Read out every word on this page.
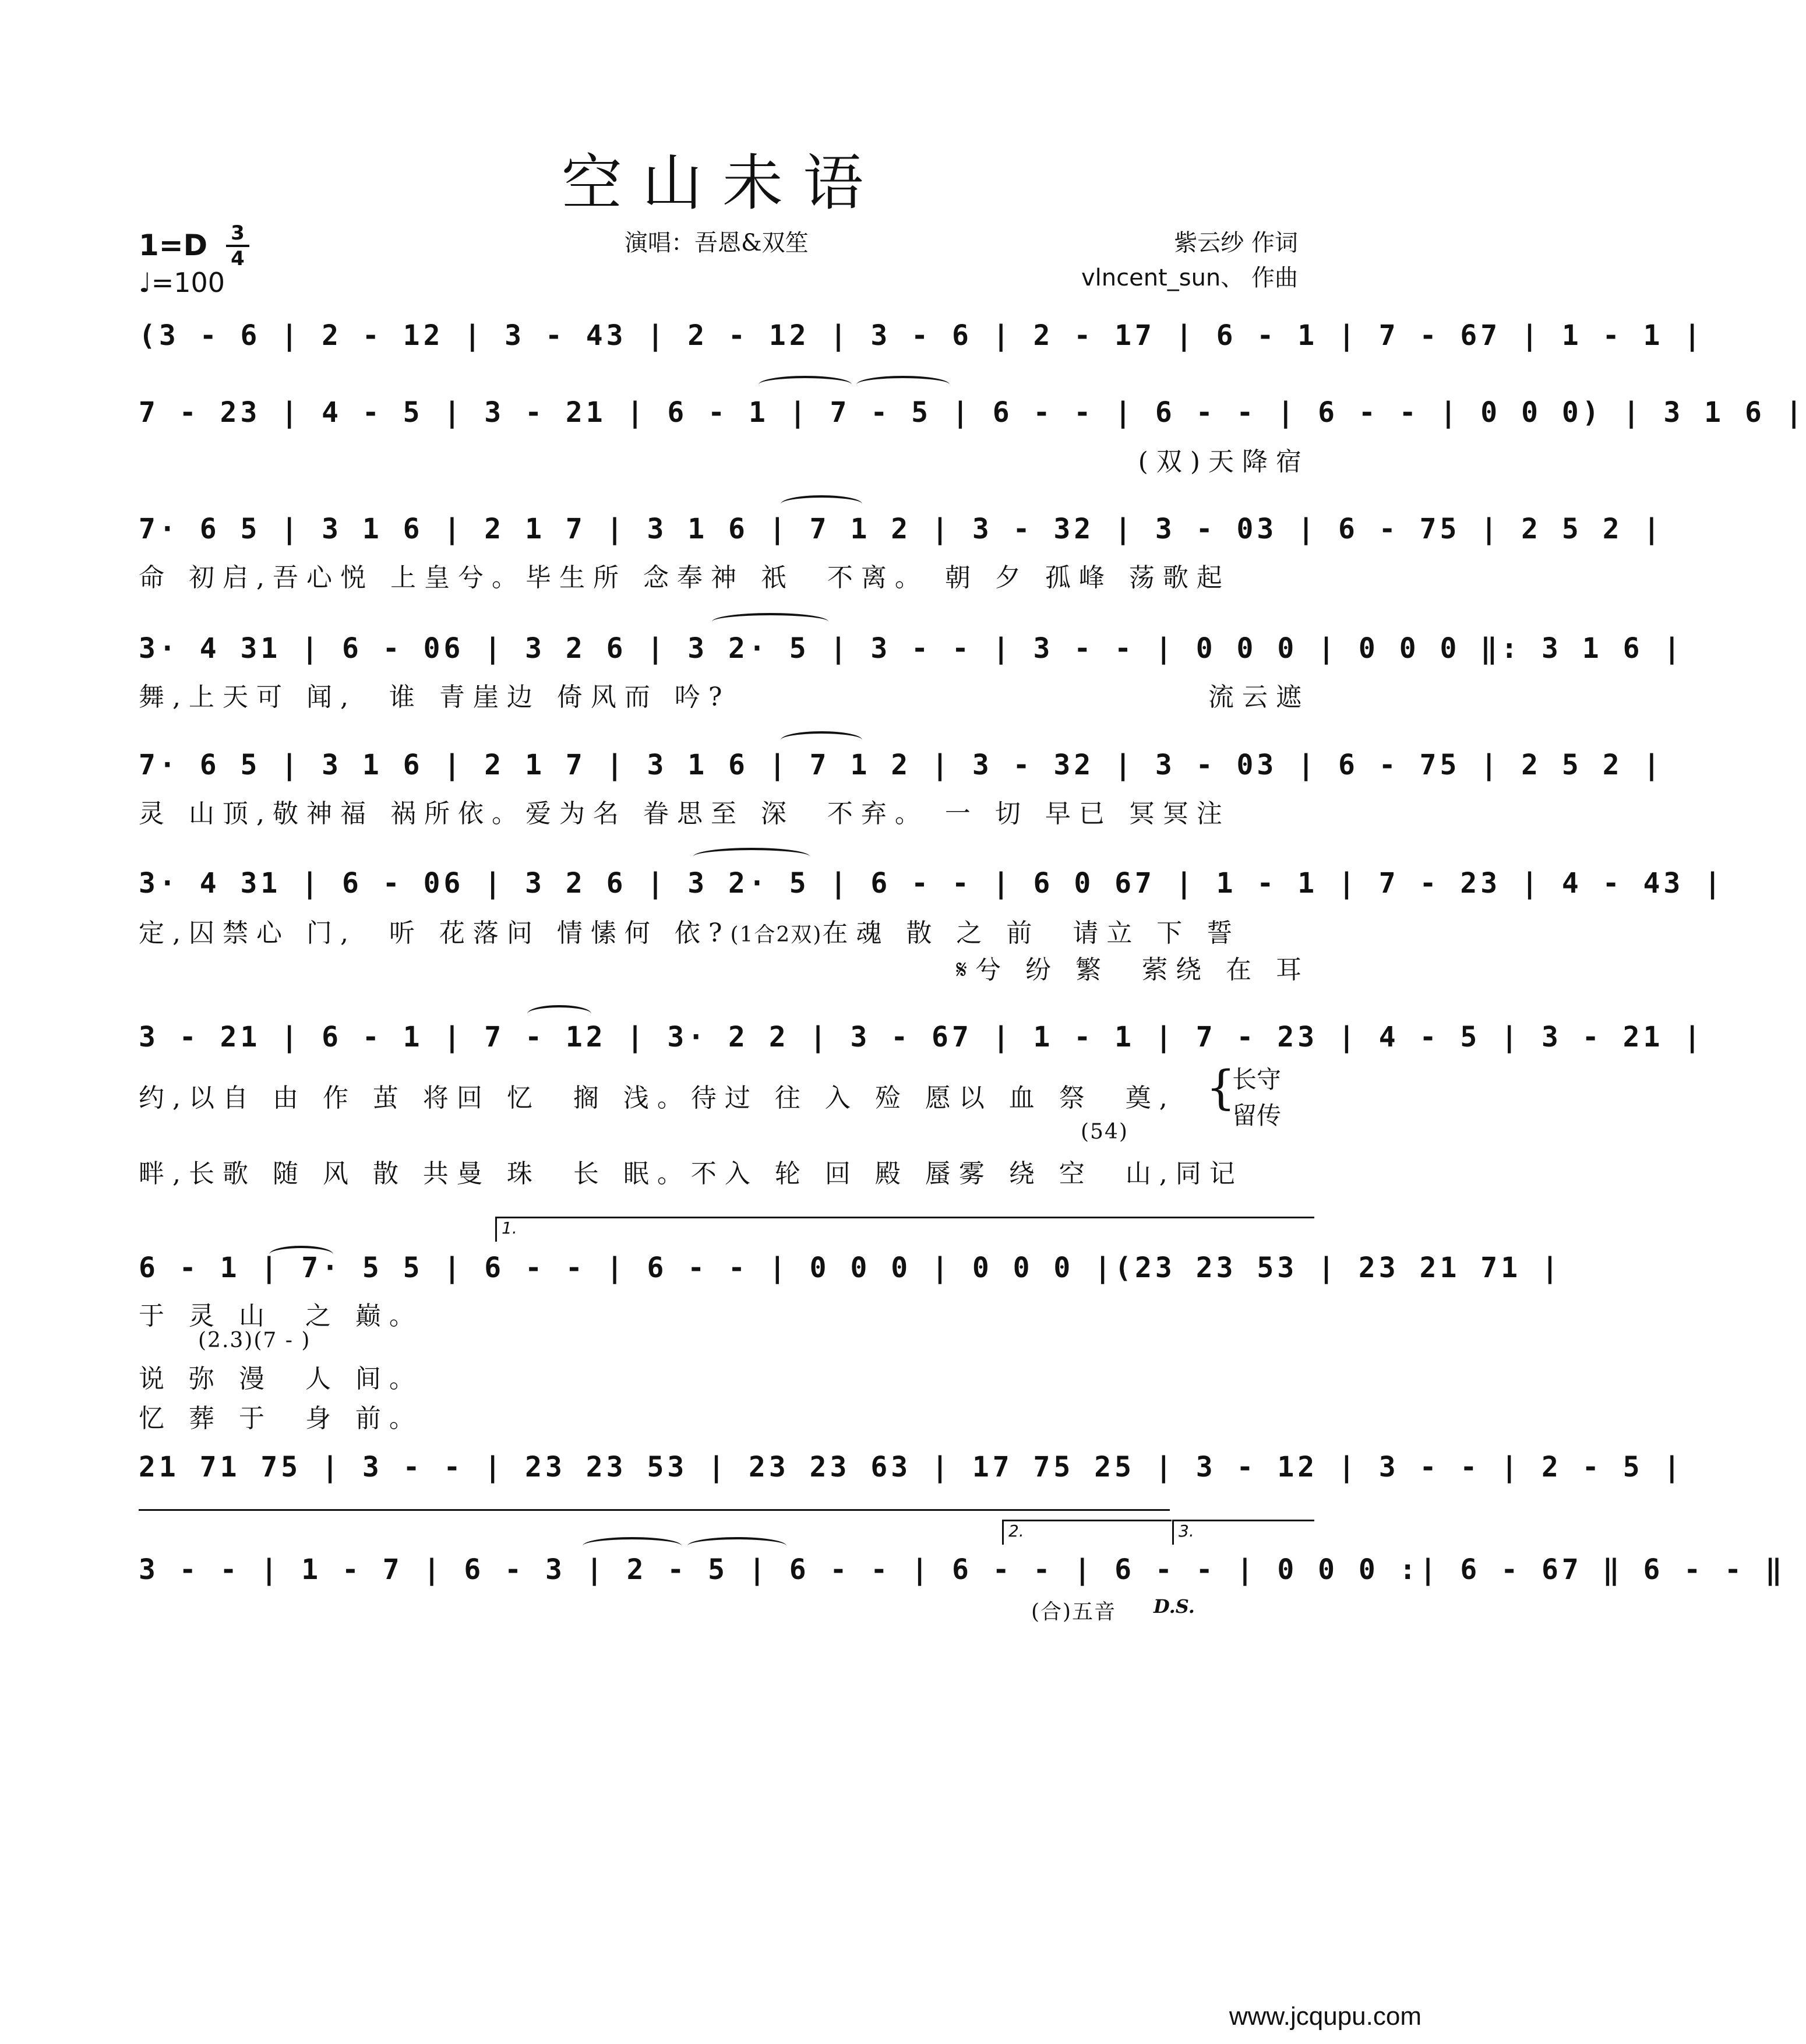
空山未语
1=D 3
4
♩=100
演唱：吾恩&双笙	紫云纱 作词
vlncent_sun、 作曲
(3 - 6 | 2 - 12 | 3 - 43 | 2 - 12 | 3 - 6 | 2 - 17 | 6 - 1 | 7 - 67 | 1 - 1 |
7 - 23 | 4 - 5 | 3 - 21 | 6 - 1 | 7 - 5 | 6 - - | 6 - - | 6 - - | 0 0 0) | 3 1 6 |
(双)天降宿
7· 6 5 | 3 1 6 | 2 1 7 | 3 1 6 | 7 1 2 | 3 - 32 | 3 - 03 | 6 - 75 | 2 5 2 |
命 初启,吾心悦 上皇兮。毕生所 念奉神 祇  不离。 朝 夕 孤峰 荡歌起
3· 4 31 | 6 - 06 | 3 2 6 | 3 2· 5 | 3 - - | 3 - - | 0 0 0 | 0 0 0 ‖: 3 1 6 |
舞,上天可 闻,  谁 青崖边 倚风而 吟?	流云遮
7· 6 5 | 3 1 6 | 2 1 7 | 3 1 6 | 7 1 2 | 3 - 32 | 3 - 03 | 6 - 75 | 2 5 2 |
灵 山顶,敬神福 祸所依。爱为名 眷思至 深  不弃。 一 切 早已 冥冥注
3· 4 31 | 6 - 06 | 3 2 6 | 3 2· 5 | 6 - - | 6 0 67 | 1 - 1 | 7 - 23 | 4 - 43 |
定,囚禁心 门,  听 花落问 情愫何 依?(1合2双)在魂 散 之 前  请立 下 誓
𝄋兮 纷 繁  萦绕 在 耳
3 - 21 | 6 - 1 | 7 - 12 | 3· 2 2 | 3 - 67 | 1 - 1 | 7 - 23 | 4 - 5 | 3 - 21 |
约,以自 由 作 茧 将回 忆  搁 浅。待过 往 入 殓 愿以 血 祭  奠, {
长守
留传
(54)
畔,长歌 随 风 散 共曼 珠  长 眠。不入 轮 回 殿 蜃雾 绕 空  山,同记
1.
6 - 1 | 7· 5 5 | 6 - - | 6 - - | 0 0 0 | 0 0 0 |(23 23 53 | 23 21 71 |
于 灵 山  之 巅。
(2.3)(7 - )
说 弥 漫  人 间。
忆 葬 于  身 前。
21 71 75 | 3 - - | 23 23 53 | 23 23 63 | 17 75 25 | 3 - 12 | 3 - - | 2 - 5 |
2.	3.
3 - - | 1 - 7 | 6 - 3 | 2 - 5 | 6 - - | 6 - - | 6 - - | 0 0 0 :| 6 - 67 ‖ 6 - - ‖
(合)五音	D.S.
www.jcqupu.com
